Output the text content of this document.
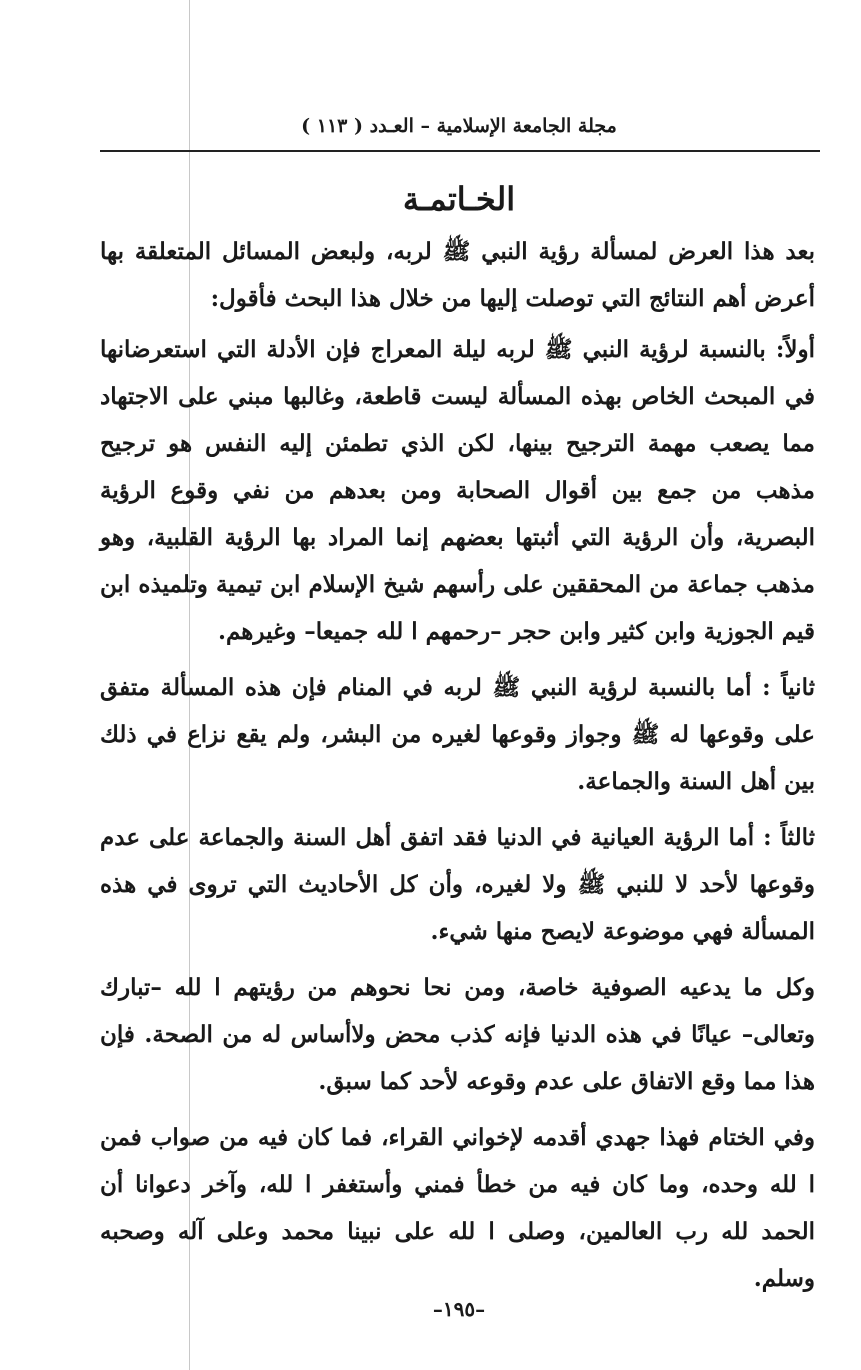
مجلة الجامعة الإسلامية – العـدد ( ١١٣ )
الخـاتمـة

بعد هذا العرض لمسألة رؤية النبي ﷺ لربه، ولبعض المسائل المتعلقة بها أعرض أهم النتائج التي توصلت إليها من خلال هذا البحث فأقول:

أولاً: بالنسبة لرؤية النبي ﷺ لربه ليلة المعراج فإن الأدلة التي استعرضانها في المبحث الخاص بهذه المسألة ليست قاطعة، وغالبها مبني على الاجتهاد مما يصعب مهمة الترجيح بينها، لكن الذي تطمئن إليه النفس هو ترجيح مذهب من جمع بين أقوال الصحابة ومن بعدهم من نفي وقوع الرؤية البصرية، وأن الرؤية التي أثبتها بعضهم إنما المراد بها الرؤية القلبية، وهو مذهب جماعة من المحققين على رأسهم شيخ الإسلام ابن تيمية وتلميذه ابن قيم الجوزية وابن كثير وابن حجر –رحمهم ا لله جميعا– وغيرهم.

ثانياً : أما بالنسبة لرؤية النبي ﷺ لربه في المنام فإن هذه المسألة متفق على وقوعها له ﷺ وجواز وقوعها لغيره من البشر، ولم يقع نزاع في ذلك بين أهل السنة والجماعة.

ثالثاً : أما الرؤية العيانية في الدنيا فقد اتفق أهل السنة والجماعة على عدم وقوعها لأحد لا للنبي ﷺ ولا لغيره، وأن كل الأحاديث التي تروى في هذه المسألة فهي موضوعة لايصح منها شيء.

وكل ما يدعيه الصوفية خاصة، ومن نحا نحوهم من رؤيتهم ا لله –تبارك وتعالى– عيانًا في هذه الدنيا فإنه كذب محض ولاأساس له من الصحة. فإن هذا مما وقع الاتفاق على عدم وقوعه لأحد كما سبق.

وفي الختام فهذا جهدي أقدمه لإخواني القراء، فما كان فيه من صواب فمن ا لله وحده، وما كان فيه من خطأ فمني وأستغفر ا لله، وآخر دعوانا أن الحمد لله رب العالمين، وصلى ا لله على نبينا محمد وعلى آله وصحبه وسلم.

–١٩٥–
